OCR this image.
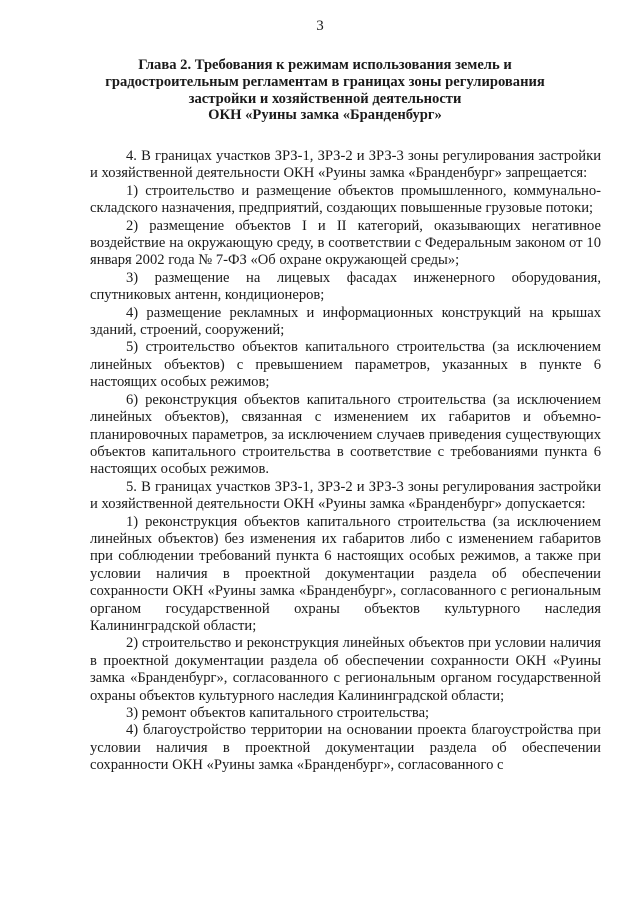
3
Глава 2. Требования к режимам использования земель и
градостроительным регламентам в границах зоны регулирования
застройки и хозяйственной деятельности
ОКН «Руины замка «Бранденбург»

4. В границах участков ЗРЗ-1, ЗРЗ-2 и ЗРЗ-3 зоны регулирования застройки и хозяйственной деятельности ОКН «Руины замка «Бранденбург» запрещается:

1) строительство и размещение объектов промышленного, коммунально-складского назначения, предприятий, создающих повышенные грузовые потоки;

2) размещение объектов I и II категорий, оказывающих негативное воздействие на окружающую среду, в соответствии с Федеральным законом от 10 января 2002 года № 7-ФЗ «Об охране окружающей среды»;

3) размещение на лицевых фасадах инженерного оборудования, спутниковых антенн, кондиционеров;

4) размещение рекламных и информационных конструкций на крышах зданий, строений, сооружений;

5) строительство объектов капитального строительства (за исключением линейных объектов) с превышением параметров, указанных в пункте 6 настоящих особых режимов;

6) реконструкция объектов капитального строительства (за исключением линейных объектов), связанная с изменением их габаритов и объемно-планировочных параметров, за исключением случаев приведения существующих объектов капитального строительства в соответствие с требованиями пункта 6 настоящих особых режимов.

5. В границах участков ЗРЗ-1, ЗРЗ-2 и ЗРЗ-3 зоны регулирования застройки и хозяйственной деятельности ОКН «Руины замка «Бранденбург» допускается:

1) реконструкция объектов капитального строительства (за исключением линейных объектов) без изменения их габаритов либо с изменением габаритов при соблюдении требований пункта 6 настоящих особых режимов, а также при условии наличия в проектной документации раздела об обеспечении сохранности ОКН «Руины замка «Бранденбург», согласованного с региональным органом государственной охраны объектов культурного наследия Калининградской области;

2) строительство и реконструкция линейных объектов при условии наличия в проектной документации раздела об обеспечении сохранности ОКН «Руины замка «Бранденбург», согласованного с региональным органом государственной охраны объектов культурного наследия Калининградской области;

3) ремонт объектов капитального строительства;

4) благоустройство территории на основании проекта благоустройства при условии наличия в проектной документации раздела об обеспечении сохранности ОКН «Руины замка «Бранденбург», согласованного с
